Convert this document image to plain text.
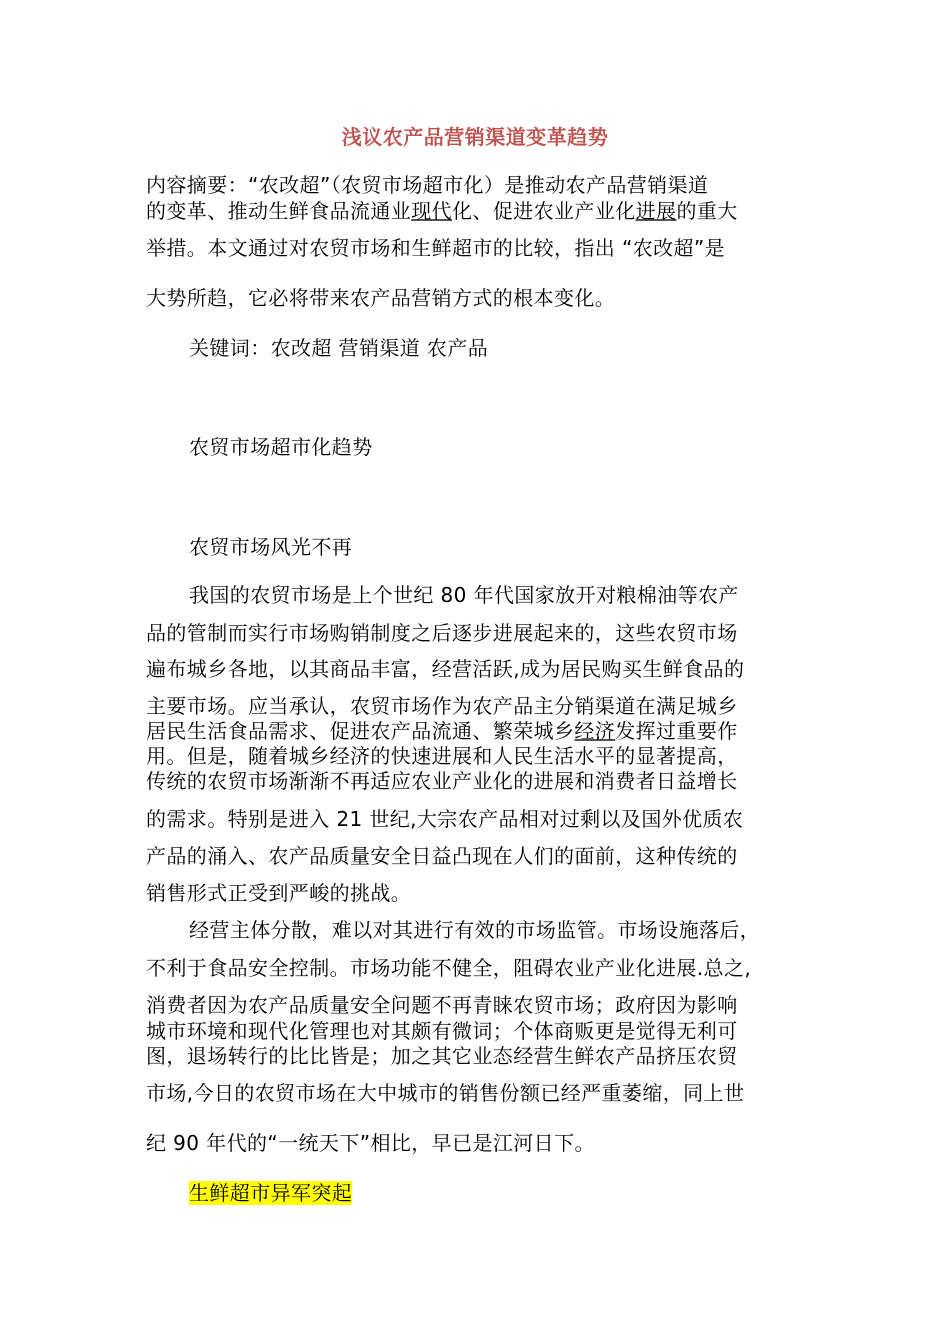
浅议农产品营销渠道变革趋势
内容摘要：“农改超”（农贸市场超市化）是推动农产品营销渠道
的变革、推动生鲜食品流通业现代化、促进农业产业化进展的重大
举措。本文通过对农贸市场和生鲜超市的比较，指出 “农改超”是
大势所趋，它必将带来农产品营销方式的根本变化。
关键词：农改超 营销渠道 农产品
农贸市场超市化趋势
农贸市场风光不再
我国的农贸市场是上个世纪 80 年代国家放开对粮棉油等农产
品的管制而实行市场购销制度之后逐步进展起来的，这些农贸市场
遍布城乡各地，以其商品丰富，经营活跃,成为居民购买生鲜食品的
主要市场。应当承认，农贸市场作为农产品主分销渠道在满足城乡
居民生活食品需求、促进农产品流通、繁荣城乡经济发挥过重要作
用。但是，随着城乡经济的快速进展和人民生活水平的显著提高，
传统的农贸市场渐渐不再适应农业产业化的进展和消费者日益增长
的需求。特别是进入 21 世纪,大宗农产品相对过剩以及国外优质农
产品的涌入、农产品质量安全日益凸现在人们的面前，这种传统的
销售形式正受到严峻的挑战。
经营主体分散，难以对其进行有效的市场监管。市场设施落后，
不利于食品安全控制。市场功能不健全，阻碍农业产业化进展.总之,
消费者因为农产品质量安全问题不再青睐农贸市场；政府因为影响
城市环境和现代化管理也对其颇有微词；个体商贩更是觉得无利可
图，退场转行的比比皆是；加之其它业态经营生鲜农产品挤压农贸
市场,今日的农贸市场在大中城市的销售份额已经严重萎缩，同上世
纪 90 年代的“一统天下”相比，早已是江河日下。
生鲜超市异军突起
